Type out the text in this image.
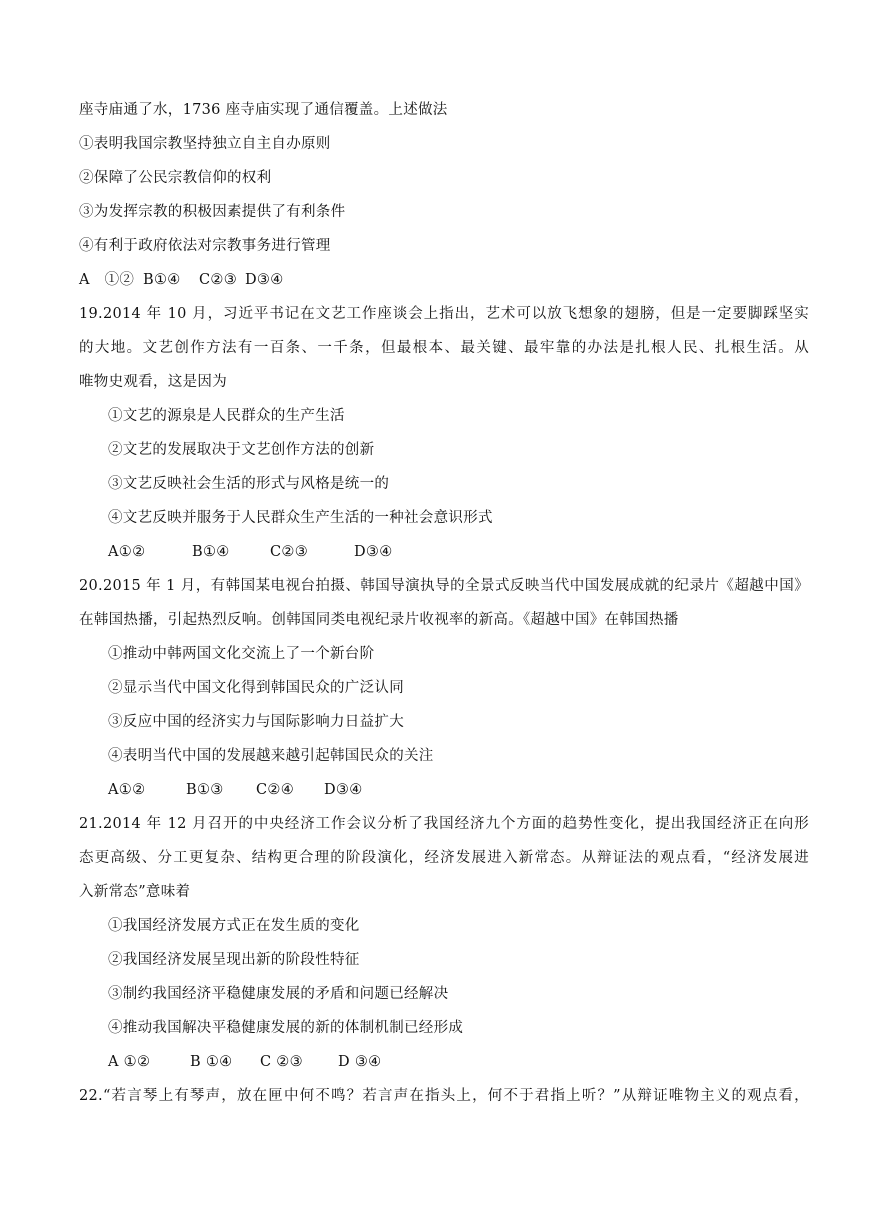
座寺庙通了水，1736 座寺庙实现了通信覆盖。上述做法
①表明我国宗教坚持独立自主自办原则
②保障了公民宗教信仰的权利
③为发挥宗教的积极因素提供了有利条件
④有利于政府依法对宗教事务进行管理
A　①② B①④ C②③ D③④
19.2014 年 10 月，习近平书记在文艺工作座谈会上指出，艺术可以放飞想象的翅膀，但是一定要脚踩坚实
的大地。文艺创作方法有一百条、一千条，但最根本、最关键、最牢靠的办法是扎根人民、扎根生活。从
唯物史观看，这是因为
①文艺的源泉是人民群众的生产生活
②文艺的发展取决于文艺创作方法的创新
③文艺反映社会生活的形式与风格是统一的
④文艺反映并服务于人民群众生产生活的一种社会意识形式
A①②	B①④	C②③	D③④
20.2015 年 1 月，有韩国某电视台拍摄、韩国导演执导的全景式反映当代中国发展成就的纪录片《超越中国》
在韩国热播，引起热烈反响。创韩国同类电视纪录片收视率的新高。《超越中国》在韩国热播
①推动中韩两国文化交流上了一个新台阶
②显示当代中国文化得到韩国民众的广泛认同
③反应中国的经济实力与国际影响力日益扩大
④表明当代中国的发展越来越引起韩国民众的关注
A①②	B①③ C②④ D③④
21.2014 年 12 月召开的中央经济工作会议分析了我国经济九个方面的趋势性变化，提出我国经济正在向形
态更高级、分工更复杂、结构更合理的阶段演化，经济发展进入新常态。从辩证法的观点看，“经济发展进
入新常态”意味着
①我国经济发展方式正在发生质的变化
②我国经济发展呈现出新的阶段性特征
③制约我国经济平稳健康发展的矛盾和问题已经解决
④推动我国解决平稳健康发展的新的体制机制已经形成
A ①②	B ①④ C ②③ D ③④
22.“若言琴上有琴声，放在匣中何不鸣？若言声在指头上，何不于君指上听？”从辩证唯物主义的观点看，
